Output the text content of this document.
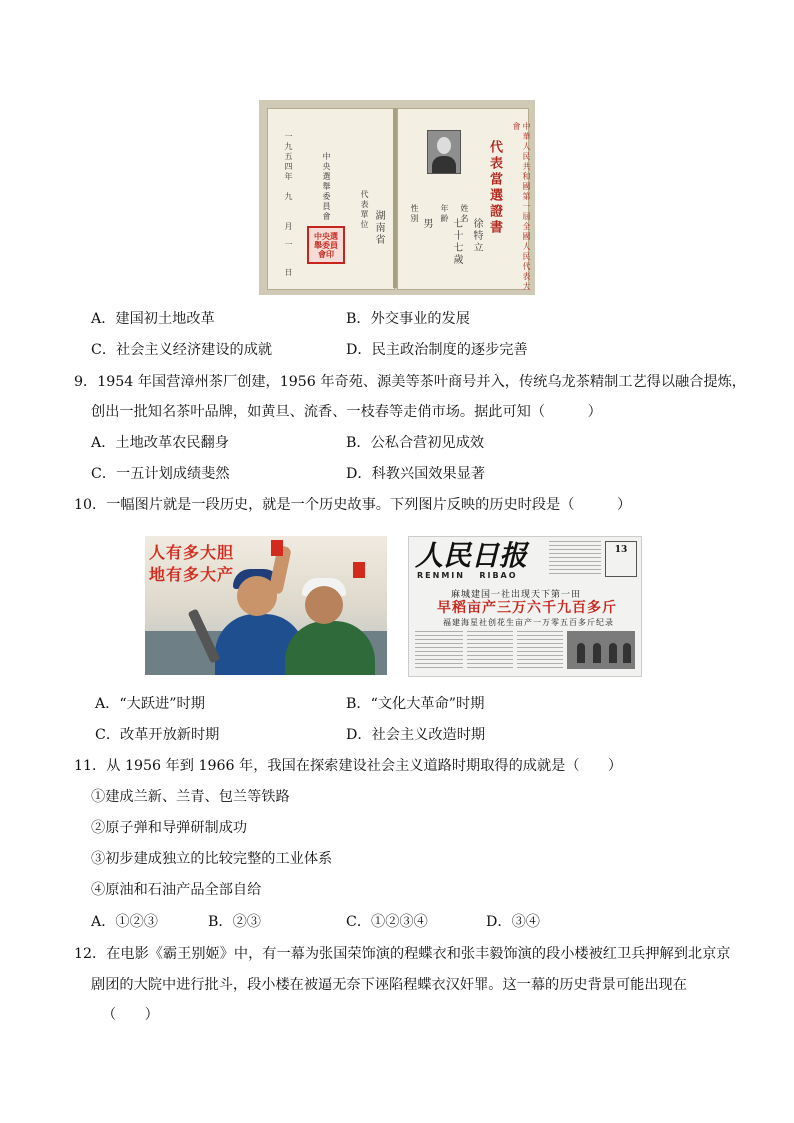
一九五四年
九
月
一
日
中央選舉委員會	代表單位 湖南省
中央選舉委員會印	中華人民共和國第一屆全國人民代表大會
代表當選證書
姓名
徐特立
年齡
七十七歲
性別 男
A．建国初土地改革	B．外交事业的发展
C．社会主义经济建设的成就	D．民主政治制度的逐步完善
9．1954 年国营漳州茶厂创建，1956 年奇苑、源美等茶叶商号并入，传统乌龙茶精制工艺得以融合提炼，
创出一批知名茶叶品牌，如黄旦、流香、一枝春等走俏市场。据此可知（　　　）
A．土地改革农民翻身	B．公私合营初见成效
C．一五计划成绩斐然	D．科教兴国效果显著
10．一幅图片就是一段历史，就是一个历史故事。下列图片反映的历史时段是（　　　）
人有多大胆
地有多大产
人民日报
RENMIN RIBAO
13
麻城建国一社出现天下第一田
早稻亩产三万六千九百多斤
福建海星社创花生亩产一万零五百多斤纪录
A．“大跃进”时期	B．“文化大革命”时期
C．改革开放新时期	D．社会主义改造时期
11．从 1956 年到 1966 年，我国在探索建设社会主义道路时期取得的成就是（　　）
①建成兰新、兰青、包兰等铁路
②原子弹和导弹研制成功
③初步建成独立的比较完整的工业体系
④原油和石油产品全部自给
A．①②③	B．②③	C．①②③④	D．③④
12．在电影《霸王别姬》中，有一幕为张国荣饰演的程蝶衣和张丰毅饰演的段小楼被红卫兵押解到北京京
剧团的大院中进行批斗，段小楼在被逼无奈下诬陷程蝶衣汉奸罪。这一幕的历史背景可能出现在
（　　）
